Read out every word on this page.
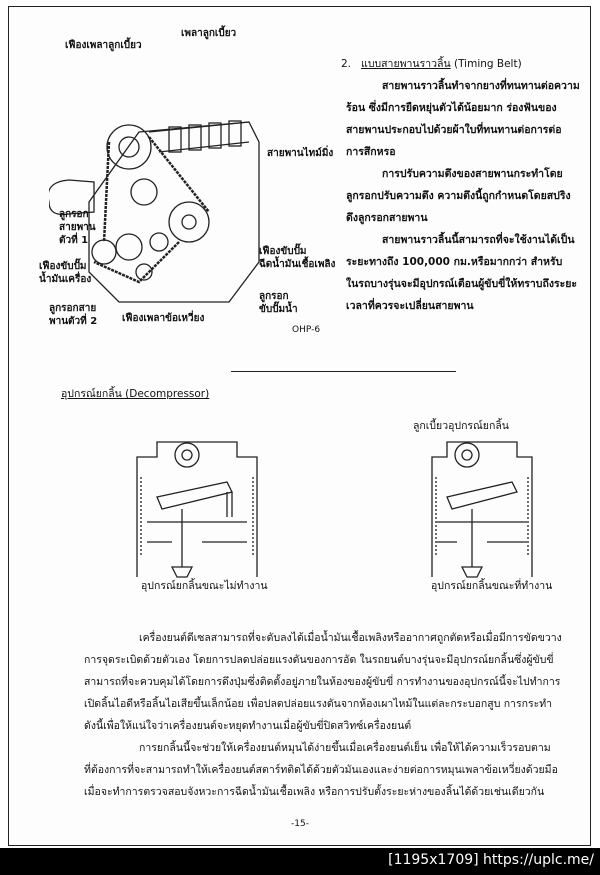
เพลาลูกเบี้ยว
เฟืองเพลาลูกเบี้ยว
สายพานไทม์มิ่ง
ลูกรอก
สายพาน
ตัวที่ 1
เฟืองขับปั๊ม
น้ำมันเครื่อง
เฟืองขับปั๊ม
ฉีดน้ำมันเชื้อเพลิง
ลูกรอกสาย
พานตัวที่ 2 เฟืองเพลาข้อเหวี่ยง
ลูกรอก
ขับปั๊มน้ำ
OHP-6
2. แบบสายพานราวลิ้น (Timing Belt)
สายพานราวลิ้นทำจากยางที่ทนทานต่อความ
ร้อน ซึ่งมีการยืดหยุ่นตัวได้น้อยมาก ร่องฟันของ
สายพานประกอบไปด้วยผ้าใบที่ทนทานต่อการต่อ
การสึกหรอ
การปรับความตึงของสายพานกระทำโดย
ลูกรอกปรับความตึง ความตึงนี้ถูกกำหนดโดยสปริง
ดึงลูกรอกสายพาน
สายพานราวลิ้นนี้สามารถที่จะใช้งานได้เป็น
ระยะทางถึง 100,000 กม.หรือมากกว่า สำหรับ
ในรถบางรุ่นจะมีอุปกรณ์เตือนผู้ขับขี่ให้ทราบถึงระยะ
เวลาที่ควรจะเปลี่ยนสายพาน
อุปกรณ์ยกลิ้น (Decompressor)
ลูกเบี้ยวอุปกรณ์ยกลิ้น
อุปกรณ์ยกลิ้นขณะไม่ทำงาน	อุปกรณ์ยกลิ้นขณะที่ทำงาน
เครื่องยนต์ดีเซลสามารถที่จะดับลงได้เมื่อน้ำมันเชื้อเพลิงหรืออากาศถูกตัดหรือเมื่อมีการขัดขวาง
การจุดระเบิดด้วยตัวเอง โดยการปลดปล่อยแรงดันของการอัด ในรถยนต์บางรุ่นจะมีอุปกรณ์ยกลิ้นซึ่งผู้ขับขี่
สามารถที่จะควบคุมได้โดยการดึงปุ่มซึ่งติดตั้งอยู่ภายในห้องของผู้ขับขี่ การทำงานของอุปกรณ์นี้จะไปทำการ
เปิดลิ้นไอดีหรือลิ้นไอเสียขึ้นเล็กน้อย เพื่อปลดปล่อยแรงดันจากห้องเผาไหม้ในแต่ละกระบอกสูบ การกระทำ
ดังนี้เพื่อให้แน่ใจว่าเครื่องยนต์จะหยุดทำงานเมื่อผู้ขับขี่ปิดสวิทซ์เครื่องยนต์
การยกลิ้นนี้จะช่วยให้เครื่องยนต์หมุนได้ง่ายขึ้นเมื่อเครื่องยนต์เย็น เพื่อให้ได้ความเร็วรอบตาม
ที่ต้องการที่จะสามารถทำให้เครื่องยนต์สตาร์ทติดได้ด้วยตัวมันเองและง่ายต่อการหมุนเพลาข้อเหวี่ยงด้วยมือ
เมื่อจะทำการตรวจสอบจังหวะการฉีดน้ำมันเชื้อเพลิง หรือการปรับตั้งระยะห่างของลิ้นได้ด้วยเช่นเดียวกัน
-15-
[1195x1709] https://uplc.me/
